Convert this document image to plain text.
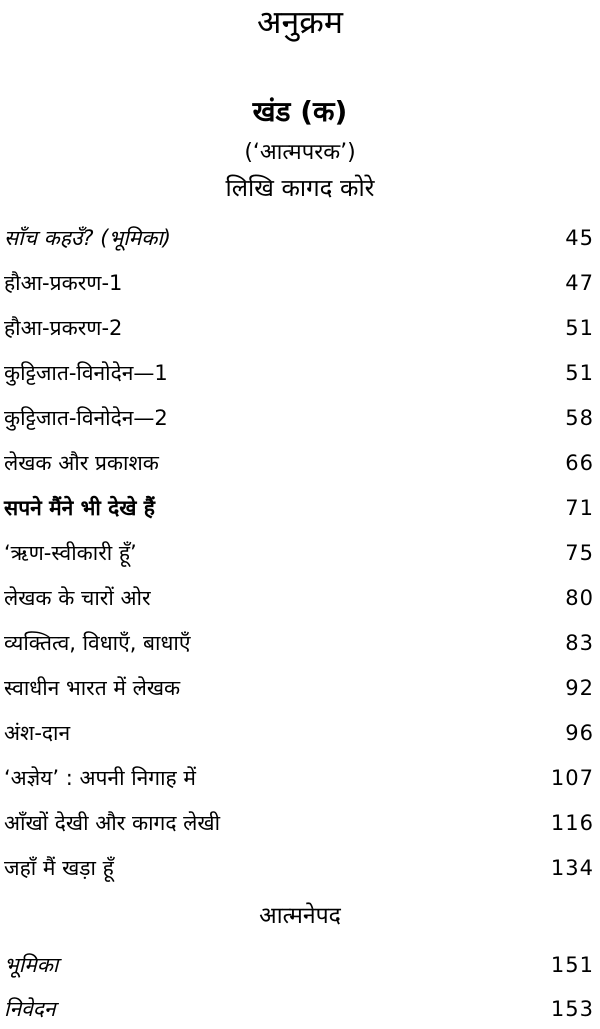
अनुक्रम
खंड (क)
(‘आत्मपरक’)
लिखि कागद कोरे
साँच कहउँ? (भूमिका)	45
हौआ-प्रकरण-1	47
हौआ-प्रकरण-2	51
कुट्टिजात-विनोदेन—1	51
कुट्टिजात-विनोदेन—2	58
लेखक और प्रकाशक	66
सपने मैंने भी देखे हैं	71
‘ऋण-स्वीकारी हूँ’	75
लेखक के चारों ओर	80
व्यक्तित्व, विधाएँ, बाधाएँ	83
स्वाधीन भारत में लेखक	92
अंश-दान	96
‘अज्ञेय’ : अपनी निगाह में	107
आँखों देखी और कागद लेखी	116
जहाँ मैं खड़ा हूँ	134
आत्मनेपद
भूमिका	151
निवेदन	153
